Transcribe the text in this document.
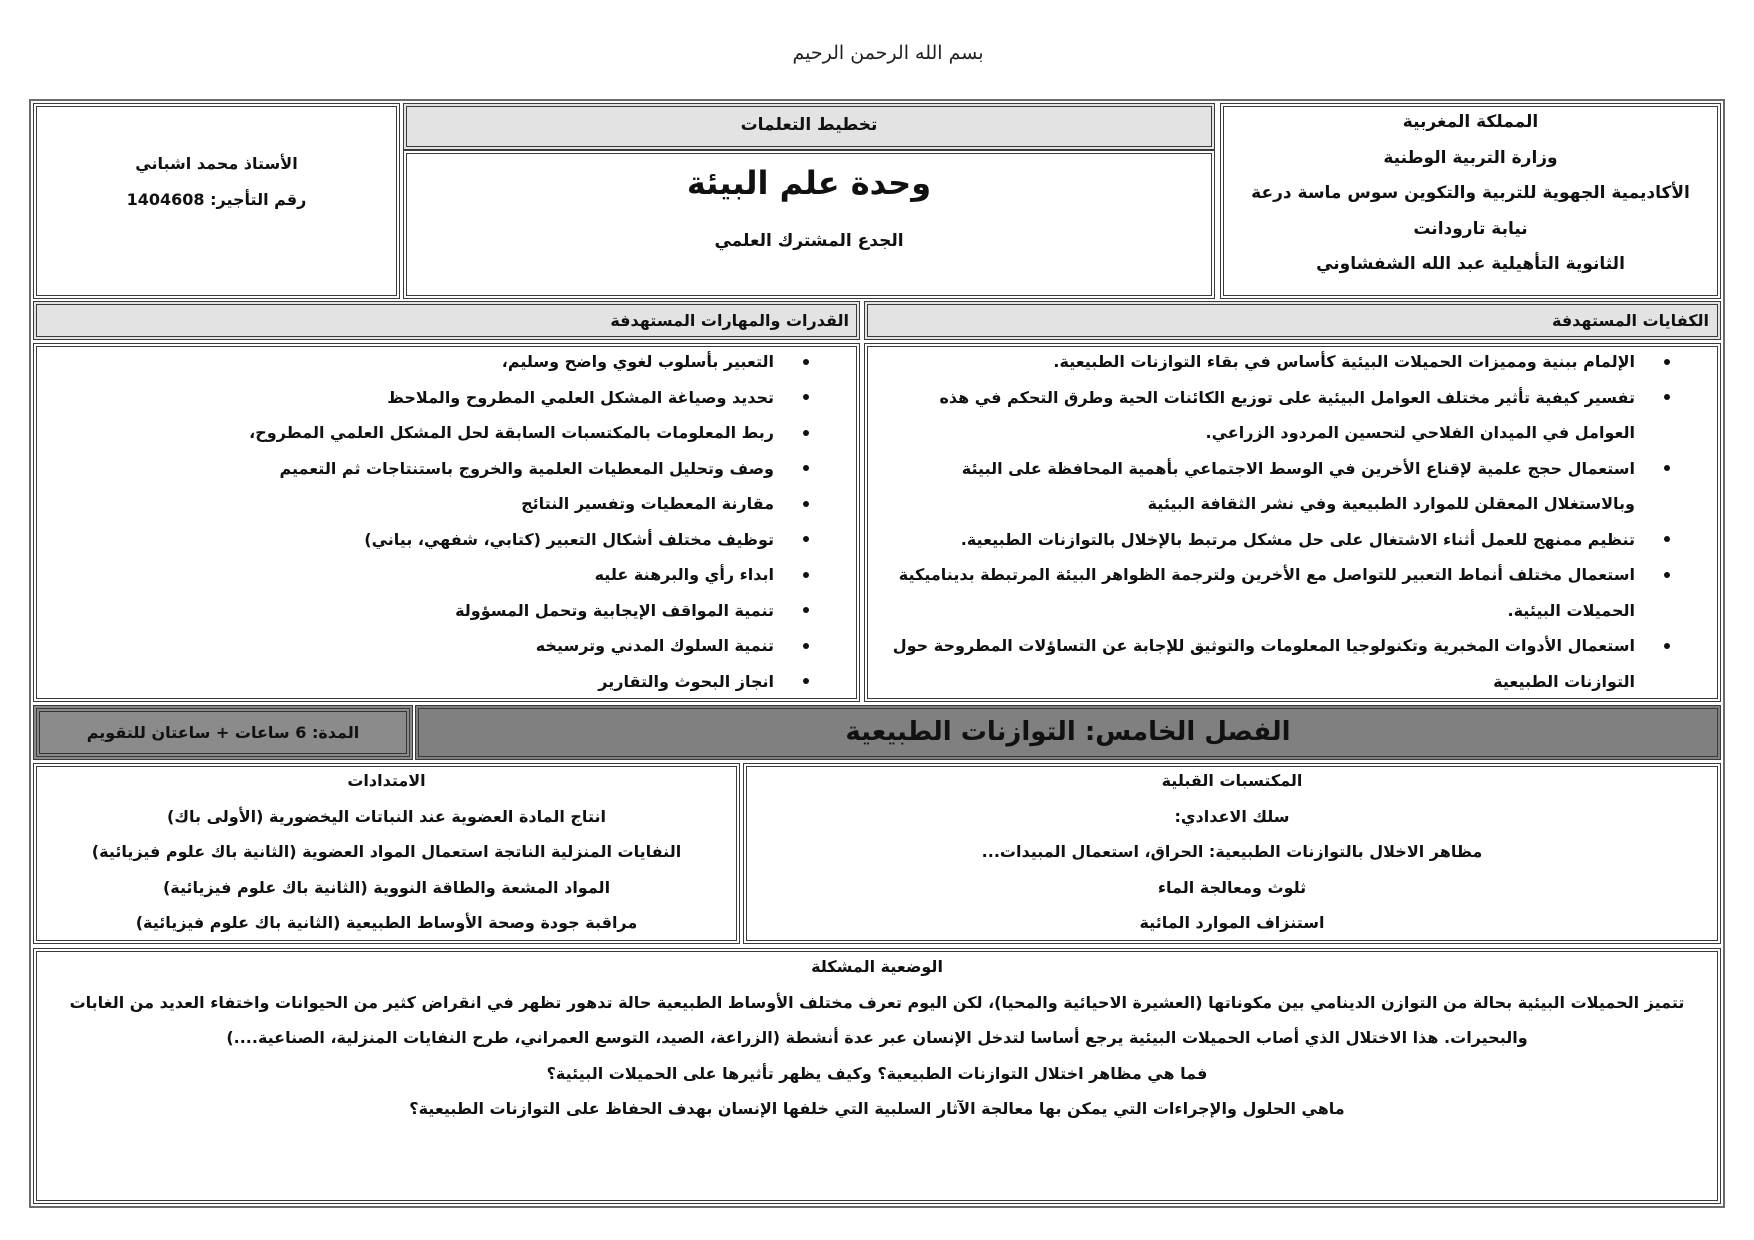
بسم الله الرحمن الرحيم
الأستاذ محمد اشباني
رقم التأجير: 1404608
تخطيط التعلمات
وحدة علم البيئة
الجدع المشترك العلمي
المملكة المغربية
وزارة التربية الوطنية
الأكاديمية الجهوية للتربية والتكوين سوس ماسة درعة
نيابة تارودانت
الثانوية التأهيلية عبد الله الشفشاوني
القدرات والمهارات المستهدفة	الكفايات المستهدفة
التعبير بأسلوب لغوي واضح وسليم،
تحديد وصياغة المشكل العلمي المطروح والملاحظ
ربط المعلومات بالمكتسبات السابقة لحل المشكل العلمي المطروح،
وصف وتحليل المعطيات العلمية والخروج باستنتاجات ثم التعميم
مقارنة المعطيات وتفسير النتائج
توظيف مختلف أشكال التعبير (كتابي، شفهي، بياني)
ابداء رأي والبرهنة عليه
تنمية المواقف الإيجابية وتحمل المسؤولة
تنمية السلوك المدني وترسيخه
انجاز البحوث والتقارير
الإلمام ببنية ومميزات الحميلات البيئية كأساس في بقاء التوازنات الطبيعية.
تفسير كيفية تأثير مختلف العوامل البيئية على توزيع الكائنات الحية وطرق التحكم في هذه
العوامل في الميدان الفلاحي لتحسين المردود الزراعي.
استعمال حجج علمية لإقناع الأخرين في الوسط الاجتماعي بأهمية المحافظة على البيئة
وبالاستغلال المعقلن للموارد الطبيعية وفي نشر الثقافة البيئية
تنظيم ممنهج للعمل أثناء الاشتغال على حل مشكل مرتبط بالإخلال بالتوازنات الطبيعية.
استعمال مختلف أنماط التعبير للتواصل مع الأخرين ولترجمة الظواهر البيئة المرتبطة بديناميكية
الحميلات البيئية.
استعمال الأدوات المخبرية وتكنولوجيا المعلومات والتوثيق للإجابة عن التساؤلات المطروحة حول
التوازنات الطبيعية
المدة: 6 ساعات + ساعتان للتقويم	الفصل الخامس: التوازنات الطبيعية
الامتدادات
انتاج المادة العضوية عند النباتات اليخضورية (الأولى باك)
النفايات المنزلية الناتجة استعمال المواد العضوية (الثانية باك علوم فيزيائية)
المواد المشعة والطاقة النووية (الثانية باك علوم فيزيائية)
مراقبة جودة وصحة الأوساط الطبيعية (الثانية باك علوم فيزيائية)
المكتسبات القبلية
سلك الاعدادي:
مظاهر الاخلال بالتوازنات الطبيعية: الحراق، استعمال المبيدات...
ثلوث ومعالجة الماء
استنزاف الموارد المائية
الوضعية المشكلة
تتميز الحميلات البيئية بحالة من التوازن الدينامي بين مكوناتها (العشيرة الاحيائية والمحيا)، لكن اليوم تعرف مختلف الأوساط الطبيعية حالة تدهور تظهر في انقراض كثير من الحيوانات واختفاء العديد من الغابات
والبحيرات. هذا الاختلال الذي أصاب الحميلات البيئية يرجع أساسا لتدخل الإنسان عبر عدة أنشطة (الزراعة، الصيد، التوسع العمراني، طرح النفايات المنزلية، الصناعية....)
فما هي مظاهر اختلال التوازنات الطبيعية؟ وكيف يظهر تأثيرها على الحميلات البيئية؟
ماهي الحلول والإجراءات التي يمكن بها معالجة الآثار السلبية التي خلفها الإنسان بهدف الحفاظ على التوازنات الطبيعية؟
